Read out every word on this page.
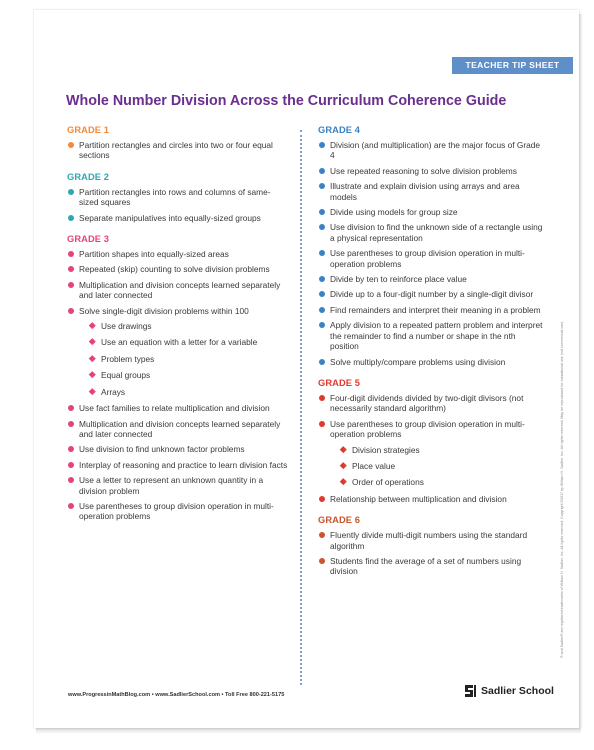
TEACHER TIP SHEET
Whole Number Division Across the Curriculum Coherence Guide
GRADE 1
Partition rectangles and circles into two or four equal sections
GRADE 2
Partition rectangles into rows and columns of same-sized squares
Separate manipulatives into equally-sized groups
GRADE 3
Partition shapes into equally-sized areas
Repeated (skip) counting to solve division problems
Multiplication and division concepts learned separately and later connected
Solve single-digit division problems within 100
Use drawings
Use an equation with a letter for a variable
Problem types
Equal groups
Arrays
Use fact families to relate multiplication and division
Multiplication and division concepts learned separately and later connected
Use division to find unknown factor problems
Interplay of reasoning and practice to learn division facts
Use a letter to represent an unknown quantity in a division problem
Use parentheses to group division operation in multi-operation problems
GRADE 4
Division (and multiplication) are the major focus of Grade 4
Use repeated reasoning to solve division problems
Illustrate and explain division using arrays and area models
Divide using models for group size
Use division to find the unknown side of a rectangle using a physical representation
Use parentheses to group division operation in multi-operation problems
Divide by ten to reinforce place value
Divide up to a four-digit number by a single-digit divisor
Find remainders and interpret their meaning in a problem
Apply division to a repeated pattern problem and interpret the remainder to find a number or shape in the nth position
Solve multiply/compare problems using division
GRADE 5
Four-digit dividends divided by two-digit divisors (not necessarily standard algorithm)
Use parentheses to group division operation in multi-operation problems
Division strategies
Place value
Order of operations
Relationship between multiplication and division
GRADE 6
Fluently divide multi-digit numbers using the standard algorithm
Students find the average of a set of numbers using division	® and Sadlier® are registered trademarks of William H. Sadlier, Inc. All rights reserved. Copyright ©2017 by William H. Sadlier, Inc. All rights reserved. May be reproduced for educational use (not commercial use).
www.ProgressinMathBlog.com • www.SadlierSchool.com • Toll Free 800-221-5175	Sadlier School
